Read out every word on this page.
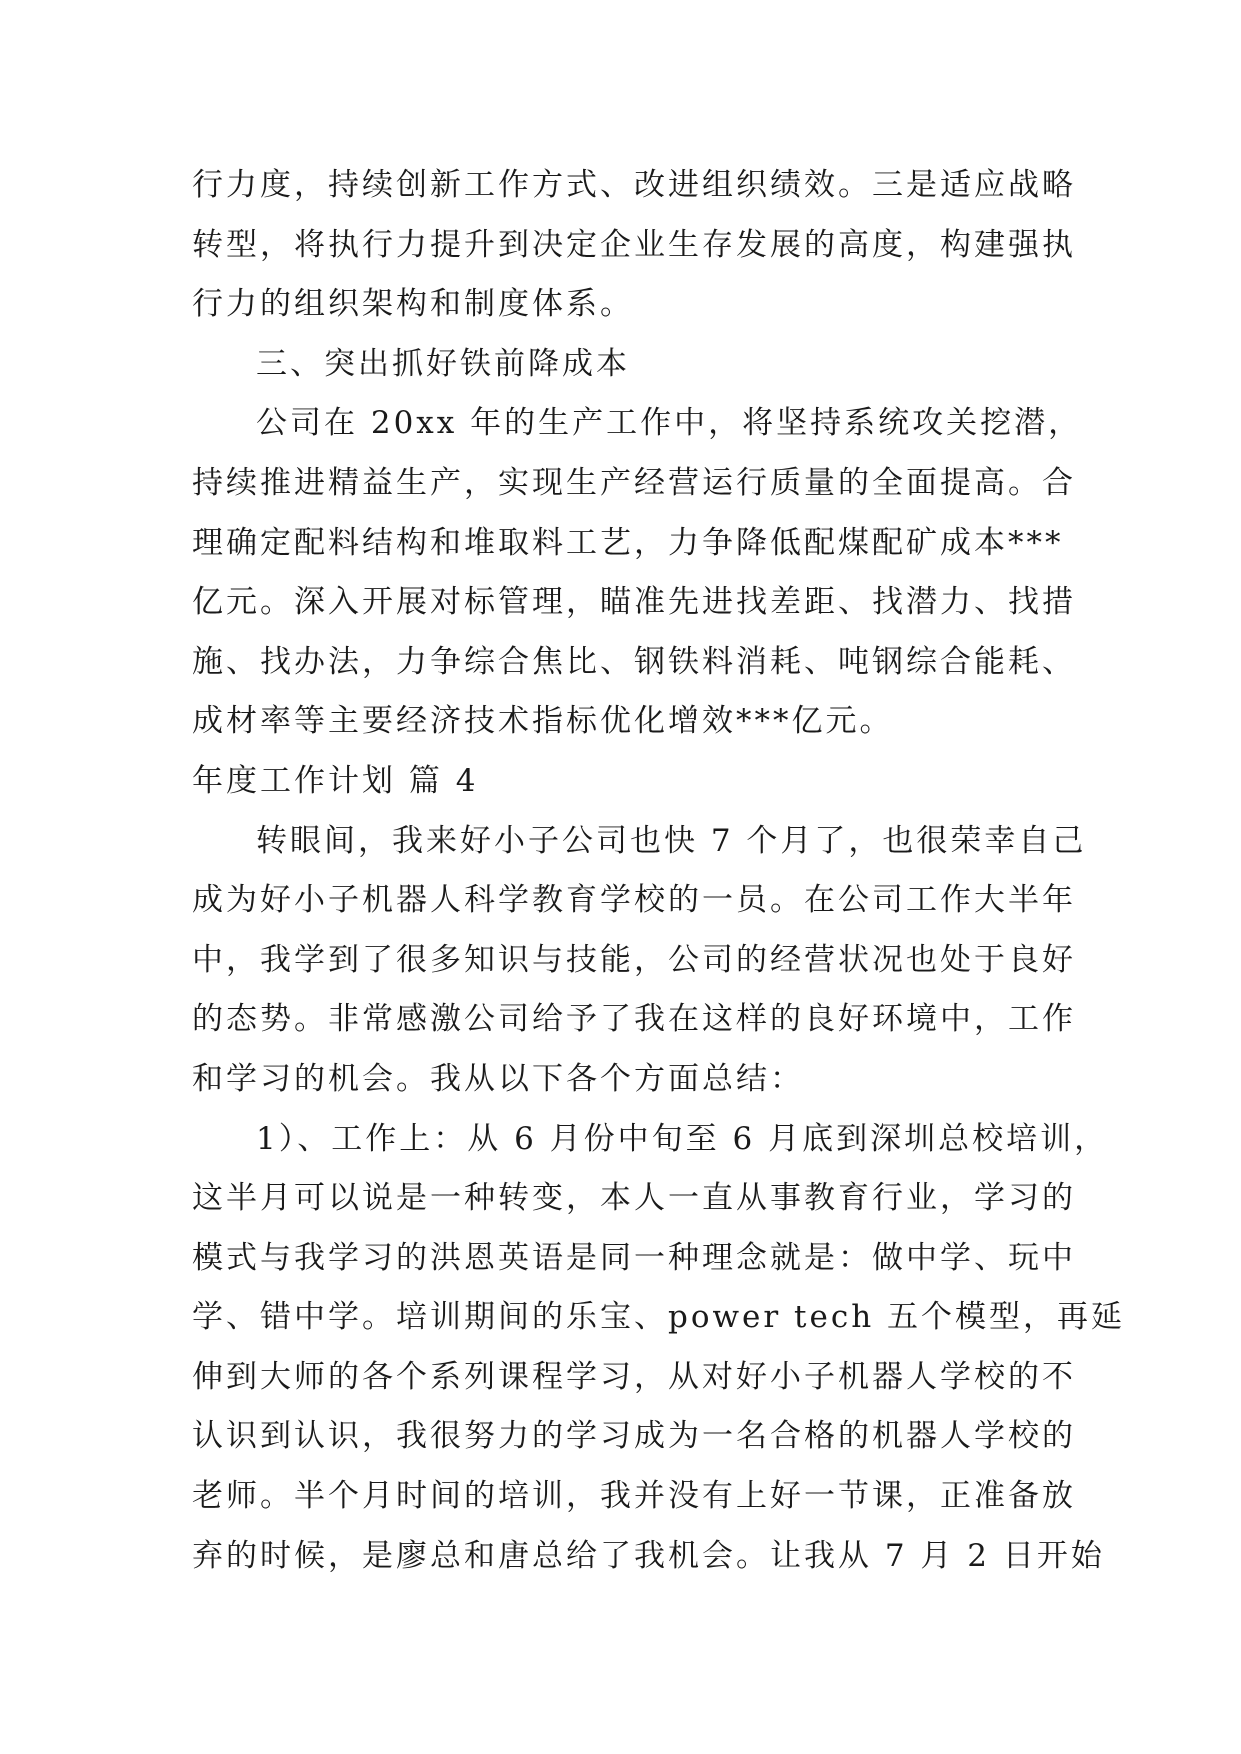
行力度，持续创新工作方式、改进组织绩效。三是适应战略
转型，将执行力提升到决定企业生存发展的高度，构建强执
行力的组织架构和制度体系。
三、突出抓好铁前降成本
公司在 20xx 年的生产工作中，将坚持系统攻关挖潜，
持续推进精益生产，实现生产经营运行质量的全面提高。合
理确定配料结构和堆取料工艺，力争降低配煤配矿成本***
亿元。深入开展对标管理，瞄准先进找差距、找潜力、找措
施、找办法，力争综合焦比、钢铁料消耗、吨钢综合能耗、
成材率等主要经济技术指标优化增效***亿元。
年度工作计划 篇 4
转眼间，我来好小子公司也快 7 个月了，也很荣幸自己
成为好小子机器人科学教育学校的一员。在公司工作大半年
中，我学到了很多知识与技能，公司的经营状况也处于良好
的态势。非常感激公司给予了我在这样的良好环境中，工作
和学习的机会。我从以下各个方面总结：
1）、工作上：从 6 月份中旬至 6 月底到深圳总校培训，
这半月可以说是一种转变，本人一直从事教育行业，学习的
模式与我学习的洪恩英语是同一种理念就是：做中学、玩中
学、错中学。培训期间的乐宝、power tech 五个模型，再延
伸到大师的各个系列课程学习，从对好小子机器人学校的不
认识到认识，我很努力的学习成为一名合格的机器人学校的
老师。半个月时间的培训，我并没有上好一节课，正准备放
弃的时候，是廖总和唐总给了我机会。让我从 7 月 2 日开始
